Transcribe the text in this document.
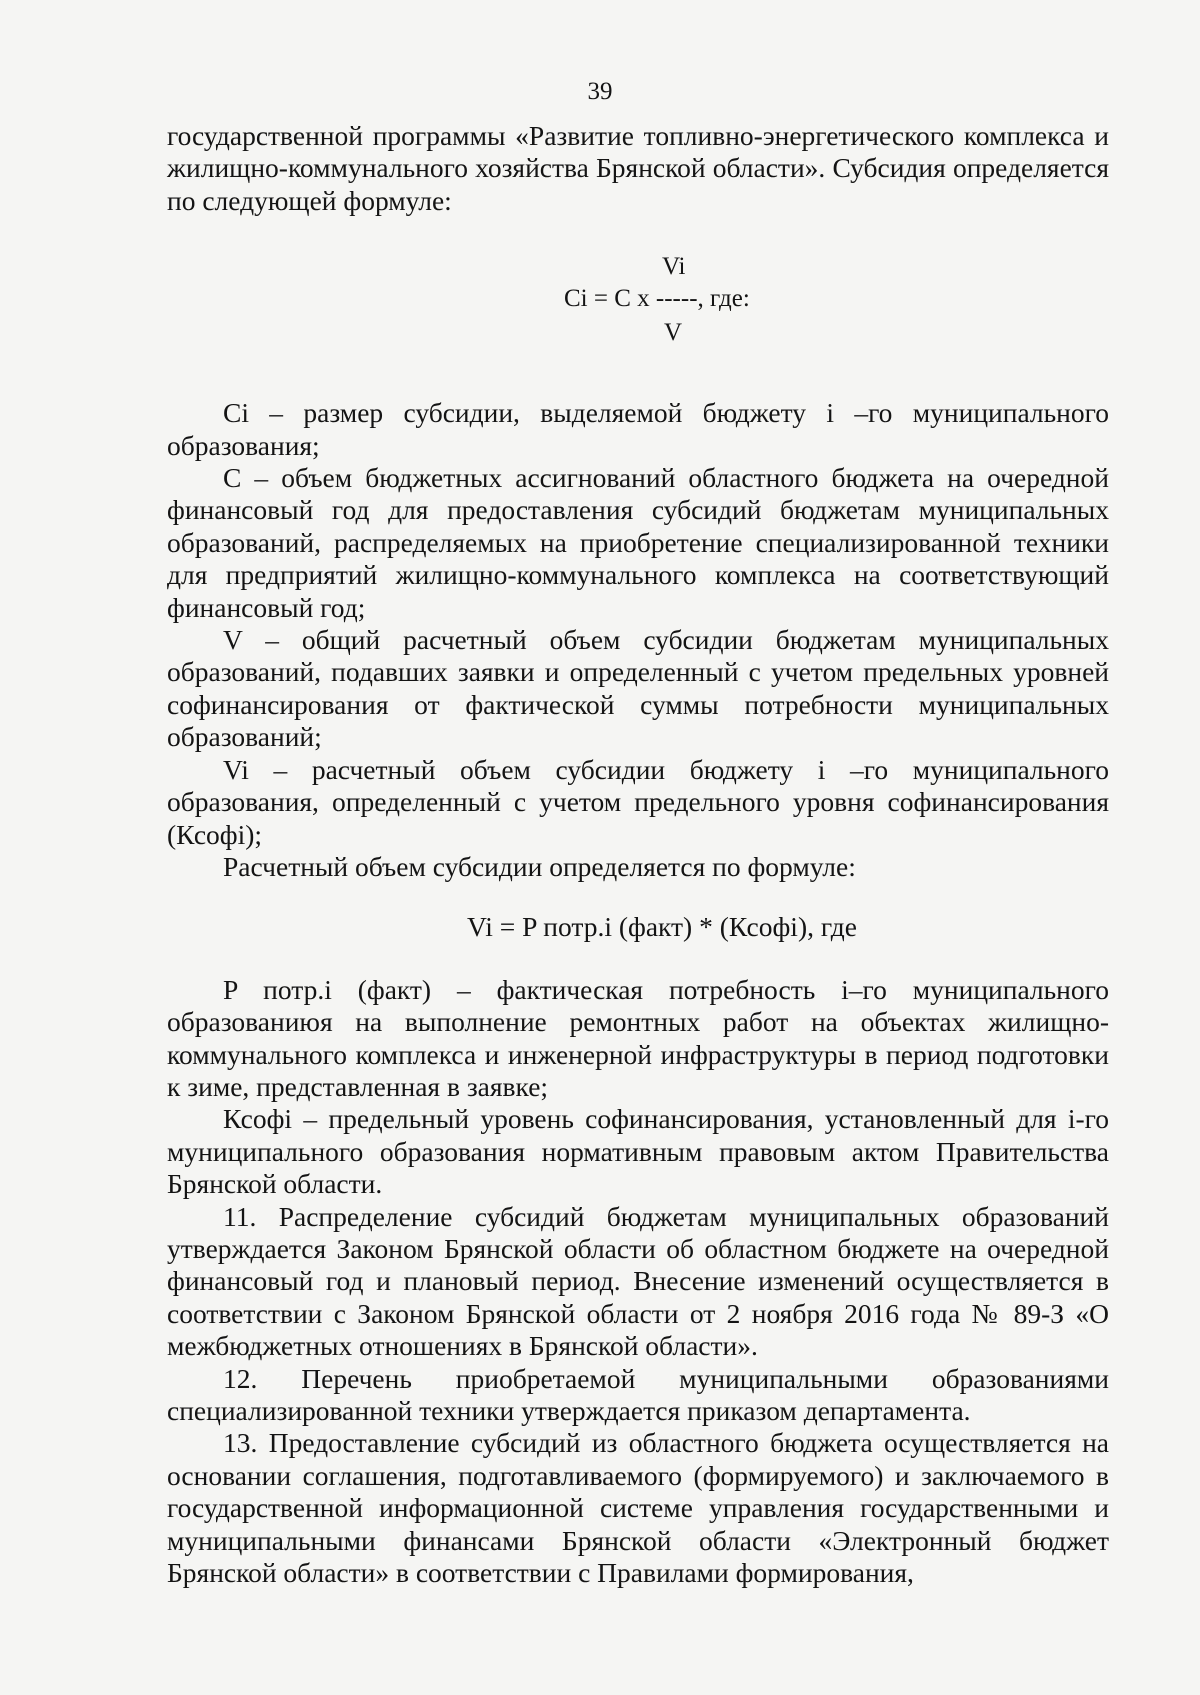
39

государственной программы «Развитие топливно-энергетического комплекса и жилищно-коммунального хозяйства Брянской области». Субсидия определяется по следующей формуле:

Vi
Ci = C x -----, где:
V

Ci – размер субсидии, выделяемой бюджету i –го муниципального образования;

C – объем бюджетных ассигнований областного бюджета на очередной финансовый год для предоставления субсидий бюджетам муниципальных образований, распределяемых на приобретение специализированной техники для предприятий жилищно-коммунального комплекса на соответствующий финансовый год;

V – общий расчетный объем субсидии бюджетам муниципальных образований, подавших заявки и определенный с учетом предельных уровней софинансирования от фактической суммы потребности муниципальных образований;

Vi – расчетный объем субсидии бюджету i –го муниципального образования, определенный с учетом предельного уровня софинансирования (Ксофi);

Расчетный объем субсидии определяется по формуле:

Vi = P потр.i (факт) * (Ксофi), где

P потр.i (факт) – фактическая потребность i–го муниципального образованиюя на выполнение ремонтных работ на объектах жилищно-коммунального комплекса и инженерной инфраструктуры в период подготовки к зиме, представленная в заявке;

Ксофi – предельный уровень софинансирования, установленный для i-го муниципального образования нормативным правовым актом Правительства Брянской области.

11. Распределение субсидий бюджетам муниципальных образований утверждается Законом Брянской области об областном бюджете на очередной финансовый год и плановый период. Внесение изменений осуществляется в соответствии с Законом Брянской области от 2 ноября 2016 года № 89-З «О межбюджетных отношениях в Брянской области».

12. Перечень приобретаемой муниципальными образованиями специализированной техники утверждается приказом департамента.

13. Предоставление субсидий из областного бюджета осуществляется на основании соглашения, подготавливаемого (формируемого) и заключаемого в государственной информационной системе управления государственными и муниципальными финансами Брянской области «Электронный бюджет Брянской области» в соответствии с Правилами формирования,
